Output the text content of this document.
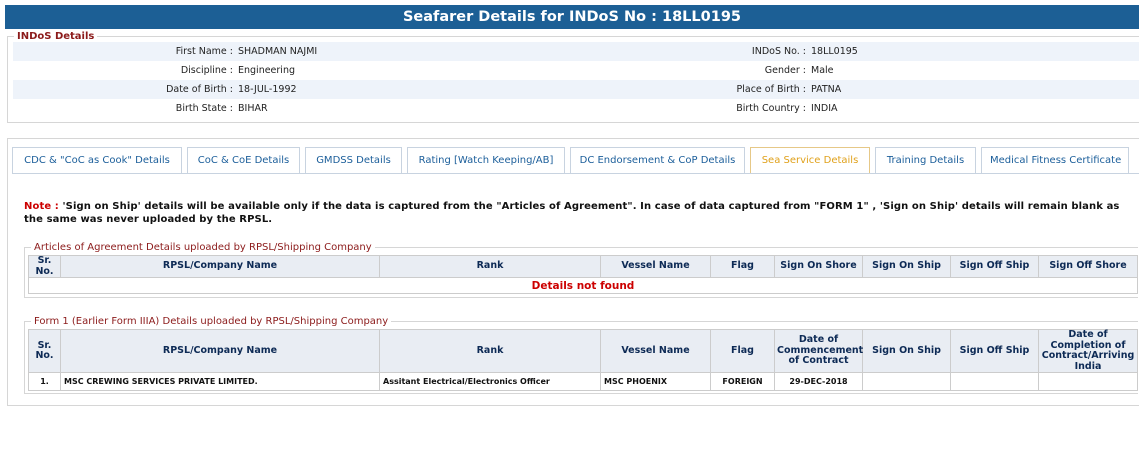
Seafarer Details for INDoS No : 18LL0195
INDoS Details
First Name :	SHADMAN NAJMI	INDoS No. :	18LL0195
Discipline :	Engineering	Gender :	Male
Date of Birth :	18-JUL-1992	Place of Birth :	PATNA
Birth State :	BIHAR	Birth Country :	INDIA
CDC & "CoC as Cook" Details	CoC & CoE Details	GMDSS Details	Rating [Watch Keeping/AB]	DC Endorsement & CoP Details	Sea Service Details	Training Details	Medical Fitness Certificate
Note : 'Sign on Ship' details will be available only if the data is captured from the "Articles of Agreement". In case of data captured from "FORM 1" , 'Sign on Ship' details will remain blank as the same was never uploaded by the RPSL.
Articles of Agreement Details uploaded by RPSL/Shipping Company
Sr. No.	RPSL/Company Name	Rank	Vessel Name	Flag	Sign On Shore	Sign On Ship	Sign Off Ship	Sign Off Shore
Details not found
Form 1 (Earlier Form IIIA) Details uploaded by RPSL/Shipping Company
Sr. No.	RPSL/Company Name	Rank	Vessel Name	Flag	Date of Commencement of Contract	Sign On Ship	Sign Off Ship	Date of Completion of Contract/Arriving India
1.	MSC CREWING SERVICES PRIVATE LIMITED.	Assitant Electrical/Electronics Officer	MSC PHOENIX	FOREIGN	29-DEC-2018			
